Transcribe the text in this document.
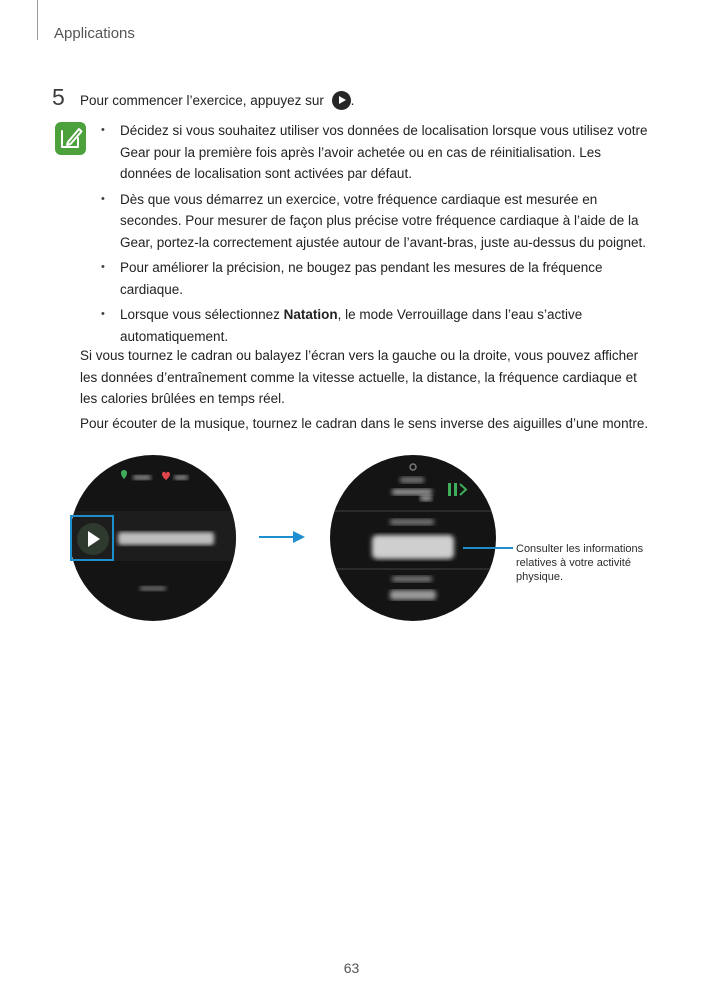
Applications
5 Pour commencer l’exercice, appuyez sur .
• Décidez si vous souhaitez utiliser vos données de localisation lorsque vous utilisez votre Gear pour la première fois après l’avoir achetée ou en cas de réinitialisation. Les données de localisation sont activées par défaut.
• Dès que vous démarrez un exercice, votre fréquence cardiaque est mesurée en secondes. Pour mesurer de façon plus précise votre fréquence cardiaque à l’aide de la Gear, portez-la correctement ajustée autour de l’avant-bras, juste au-dessus du poignet.
• Pour améliorer la précision, ne bougez pas pendant les mesures de la fréquence cardiaque.
• Lorsque vous sélectionnez Natation, le mode Verrouillage dans l’eau s’active automatiquement.

Si vous tournez le cadran ou balayez l’écran vers la gauche ou la droite, vous pouvez afficher les données d’entraînement comme la vitesse actuelle, la distance, la fréquence cardiaque et les calories brûlées en temps réel.

Pour écouter de la musique, tournez le cadran dans le sens inverse des aiguilles d’une montre.

Consulter les informations relatives à votre activité physique.

63
